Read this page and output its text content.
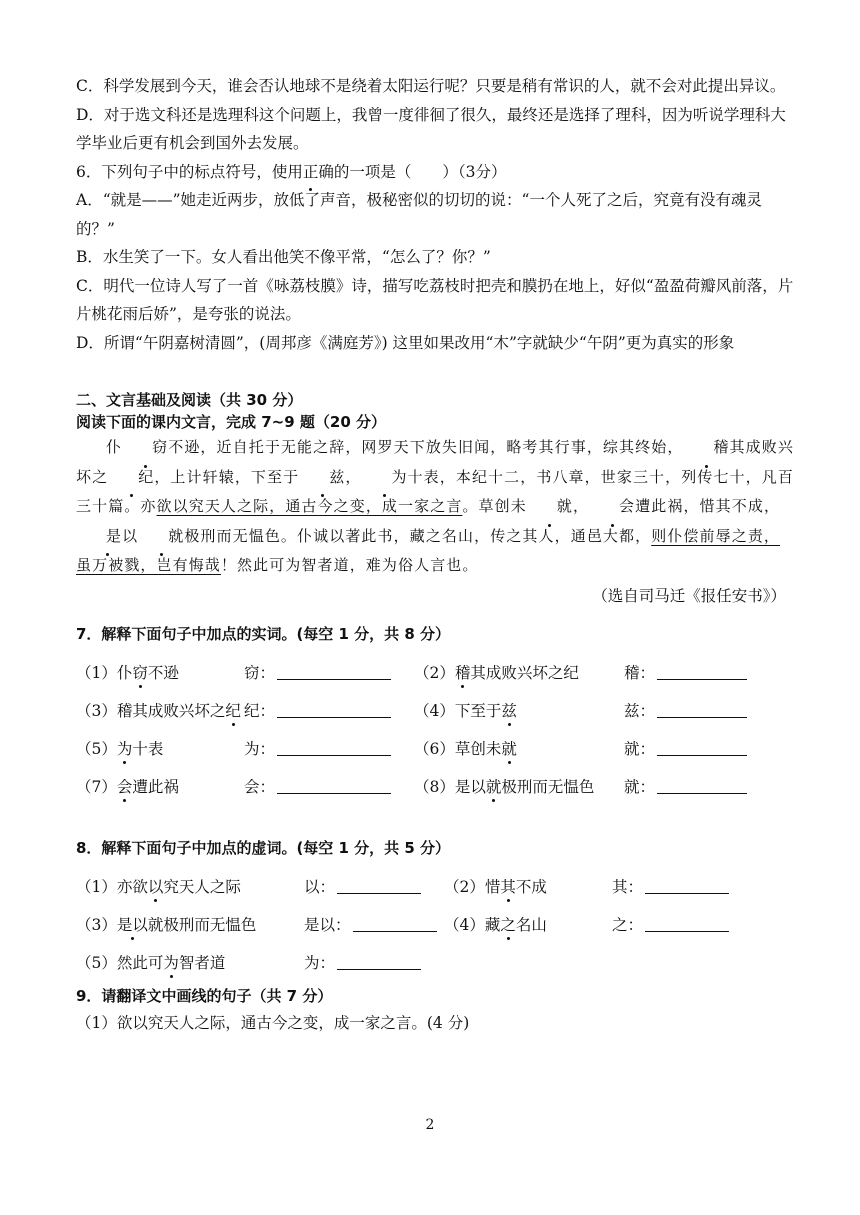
C．科学发展到今天，谁会否认地球不是绕着太阳运行呢？只要是稍有常识的人，就不会对此提出异议。

D．对于选文科还是选理科这个问题上，我曾一度徘徊了很久，最终还是选择了理科，因为听说学理科大学毕业后更有机会到国外去发展。

6．下列句子中的标点符号，使用正确的一项是（　　）（3分）

A．“就是——”她走近两步，放低了声音，极秘密似的切切的说：“一个人死了之后，究竟有没有魂灵的？”

B．水生笑了一下。女人看出他笑不像平常，“怎么了？你？”

C．明代一位诗人写了一首《咏荔枝膜》诗，描写吃荔枝时把壳和膜扔在地上，好似“盈盈荷瓣风前落，片片桃花雨后娇”，是夸张的说法。

D．所谓“午阴嘉树清圆”，(周邦彦《满庭芳》) 这里如果改用“木”字就缺少“午阴”更为真实的形象

二、文言基础及阅读（共 30 分）
阅读下面的课内文言，完成 7~9 题（20 分）

仆 窃不逊，近自托于无能之辞，网罗天下放失旧闻，略考其行事，综其终始， 稽其成败兴坏之 纪，上计轩辕，下至于 兹， 为十表，本纪十二，书八章，世家三十，列传七十，凡百三十篇。亦欲以究天人之际，通古今之变，成一家之言。草创未 就， 会遭此祸，惜其不成，是以 就极刑而无愠色。仆诚以著此书，藏之名山，传之其人，通邑大都，则仆偿前辱之责，虽万被戮，岂有悔哉！然此可为智者道，难为俗人言也。

（选自司马迁《报任安书》）
7．解释下面句子中加点的实词。(每空 1 分，共 8 分）
（1）仆窃不逊	窃：	（2）稽其成败兴坏之纪	稽：
（3）稽其成败兴坏之纪 纪：	（4）下至于兹	兹：
（5）为十表	为：	（6）草创未就	就：
（7）会遭此祸	会：	（8）是以就极刑而无愠色	就：
8．解释下面句子中加点的虚词。(每空 1 分，共 5 分）
（1）亦欲以究天人之际	以：	（2）惜其不成	其：
（3）是以就极刑而无愠色	是以：	（4）藏之名山	之：
（5）然此可为智者道	为：
9．请翻译文中画线的句子（共 7 分）
（1）欲以究天人之际，通古今之变，成一家之言。(4 分)
2
